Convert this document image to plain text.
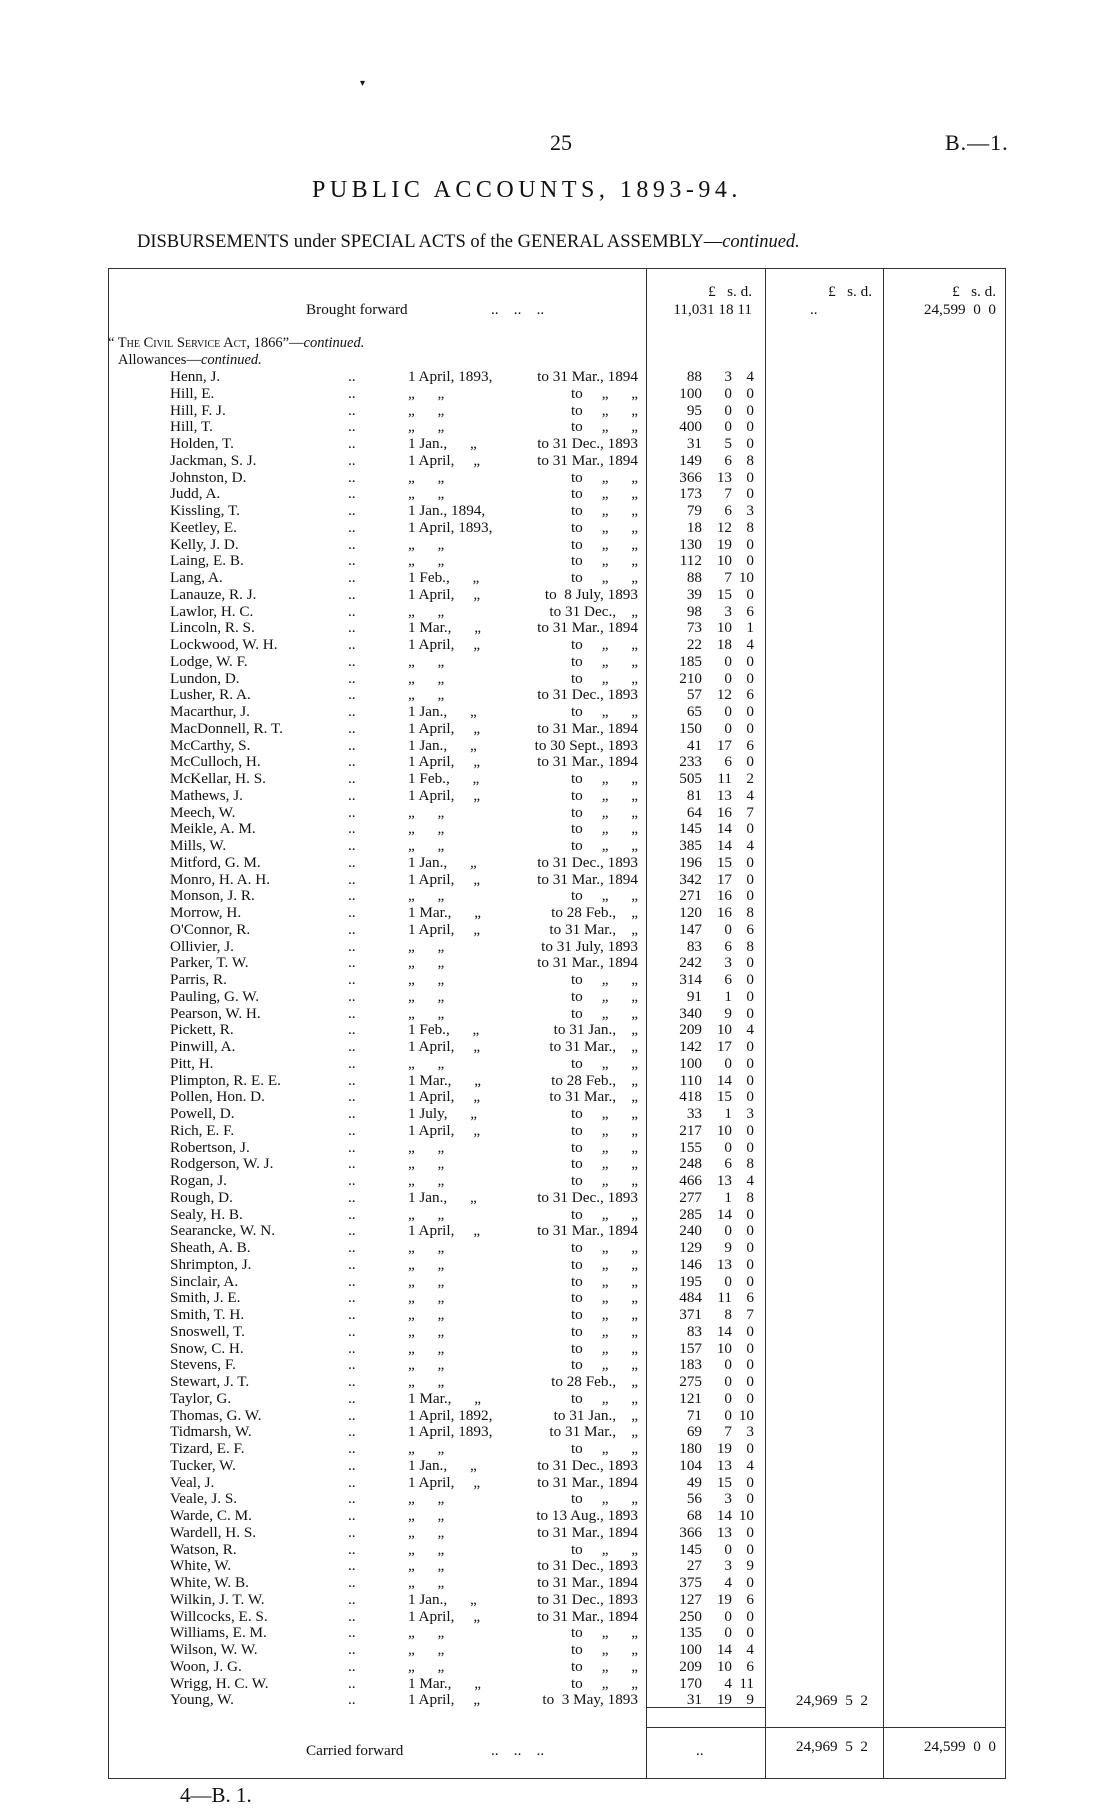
▾
25	B.—1.
PUBLIC ACCOUNTS, 1893-94.
DISBURSEMENTS under SPECIAL ACTS of the GENERAL ASSEMBLY—continued.
£   s. d.	£   s. d.	£   s. d.
Brought forward	..    ..    ..	11,031 18 11	..	24,599  0  0
“ The Civil Service Act, 1866”—continued.
Allowances—continued.
Henn, J.	..	1 April, 1893,	to 31 Mar., 1894	88	3 4
Hill, E.	..	„      „	to     „      „	100	0 0
Hill, F. J.	..	„      „	to     „      „	95	0 0
Hill, T.	..	„      „	to     „      „	400	0 0
Holden, T.	..	1 Jan.,      „	to 31 Dec., 1893	31	5 0
Jackman, S. J.	..	1 April,     „	to 31 Mar., 1894	149	6 8
Johnston, D.	..	„      „	to     „      „	366 13 0
Judd, A.	..	„      „	to     „      „	173	7 0
Kissling, T.	..	1 Jan., 1894,	to     „      „	79	6 3
Keetley, E.	..	1 April, 1893,	to     „      „	18 12 8
Kelly, J. D.	..	„      „	to     „      „	130 19 0
Laing, E. B.	..	„      „	to     „      „	112 10 0
Lang, A.	..	1 Feb.,      „	to     „      „	88	7 10
Lanauze, R. J.	..	1 April,     „	to  8 July, 1893	39 15 0
Lawlor, H. C.	..	„      „	to 31 Dec.,    „	98	3 6
Lincoln, R. S.	..	1 Mar.,      „	to 31 Mar., 1894	73 10 1
Lockwood, W. H.	..	1 April,     „	to     „      „	22 18 4
Lodge, W. F.	..	„      „	to     „      „	185	0 0
Lundon, D.	..	„      „	to     „      „	210	0 0
Lusher, R. A.	..	„      „	to 31 Dec., 1893	57 12 6
Macarthur, J.	..	1 Jan.,      „	to     „      „	65	0 0
MacDonnell, R. T.	..	1 April,     „	to 31 Mar., 1894	150	0 0
McCarthy, S.	..	1 Jan.,      „	to 30 Sept., 1893	41 17 6
McCulloch, H.	..	1 April,     „	to 31 Mar., 1894	233	6 0
McKellar, H. S.	..	1 Feb.,      „	to     „      „	505	11 2
Mathews, J.	..	1 April,     „	to     „      „	81 13 4
Meech, W.	..	„      „	to     „      „	64 16 7
Meikle, A. M.	..	„      „	to     „      „	145 14 0
Mills, W.	..	„      „	to     „      „	385 14 4
Mitford, G. M.	..	1 Jan.,      „	to 31 Dec., 1893	196 15 0
Monro, H. A. H.	..	1 April,     „	to 31 Mar., 1894	342 17 0
Monson, J. R.	..	„      „	to     „      „	271 16 0
Morrow, H.	..	1 Mar.,      „	to 28 Feb.,    „	120 16 8
O'Connor, R.	..	1 April,     „	to 31 Mar.,    „	147	0 6
Ollivier, J.	..	„      „	to 31 July, 1893	83	6 8
Parker, T. W.	..	„      „	to 31 Mar., 1894	242	3 0
Parris, R.	..	„      „	to     „      „	314	6 0
Pauling, G. W.	..	„      „	to     „      „	91	1 0
Pearson, W. H.	..	„      „	to     „      „	340	9 0
Pickett, R.	..	1 Feb.,      „	to 31 Jan.,    „	209 10 4
Pinwill, A.	..	1 April,     „	to 31 Mar.,    „	142 17 0
Pitt, H.	..	„      „	to     „      „	100	0 0
Plimpton, R. E. E.	..	1 Mar.,      „	to 28 Feb.,    „	110 14 0
Pollen, Hon. D.	..	1 April,     „	to 31 Mar.,    „	418 15 0
Powell, D.	..	1 July,      „	to     „      „	33	1 3
Rich, E. F.	..	1 April,     „	to     „      „	217 10 0
Robertson, J.	..	„      „	to     „      „	155	0 0
Rodgerson, W. J.	..	„      „	to     „      „	248	6 8
Rogan, J.	..	„      „	to     „      „	466 13 4
Rough, D.	..	1 Jan.,      „	to 31 Dec., 1893	277	1 8
Sealy, H. B.	..	„      „	to     „      „	285 14 0
Searancke, W. N.	..	1 April,     „	to 31 Mar., 1894	240	0 0
Sheath, A. B.	..	„      „	to     „      „	129	9 0
Shrimpton, J.	..	„      „	to     „      „	146 13 0
Sinclair, A.	..	„      „	to     „      „	195	0 0
Smith, J. E.	..	„      „	to     „      „	484	11 6
Smith, T. H.	..	„      „	to     „      „	371	8 7
Snoswell, T.	..	„      „	to     „      „	83 14 0
Snow, C. H.	..	„      „	to     „      „	157 10 0
Stevens, F.	..	„      „	to     „      „	183	0 0
Stewart, J. T.	..	„      „	to 28 Feb.,    „	275	0 0
Taylor, G.	..	1 Mar.,      „	to     „      „	121	0 0
Thomas, G. W.	..	1 April, 1892,	to 31 Jan.,    „	71	0 10
Tidmarsh, W.	..	1 April, 1893,	to 31 Mar.,    „	69	7 3
Tizard, E. F.	..	„      „	to     „      „	180 19 0
Tucker, W.	..	1 Jan.,      „	to 31 Dec., 1893	104 13 4
Veal, J.	..	1 April,     „	to 31 Mar., 1894	49 15 0
Veale, J. S.	..	„      „	to     „      „	56	3 0
Warde, C. M.	..	„      „	to 13 Aug., 1893	68 14 10
Wardell, H. S.	..	„      „	to 31 Mar., 1894	366 13 0
Watson, R.	..	„      „	to     „      „	145	0 0
White, W.	..	„      „	to 31 Dec., 1893	27	3 9
White, W. B.	..	„      „	to 31 Mar., 1894	375	4 0
Wilkin, J. T. W.	..	1 Jan.,      „	to 31 Dec., 1893	127 19 6
Willcocks, E. S.	..	1 April,     „	to 31 Mar., 1894	250	0 0
Williams, E. M.	..	„      „	to     „      „	135	0 0
Wilson, W. W.	..	„      „	to     „      „	100 14 4
Woon, J. G.	..	„      „	to     „      „	209 10 6
Wrigg, H. C. W.	..	1 Mar.,      „	to     „      „	170	4 11
Young, W.	..	1 April,     „	to  3 May, 1893	31 19 9	24,969  5  2
Carried forward	..    ..    ..	..	24,969  5  2	24,599  0  0
4—B. 1.
